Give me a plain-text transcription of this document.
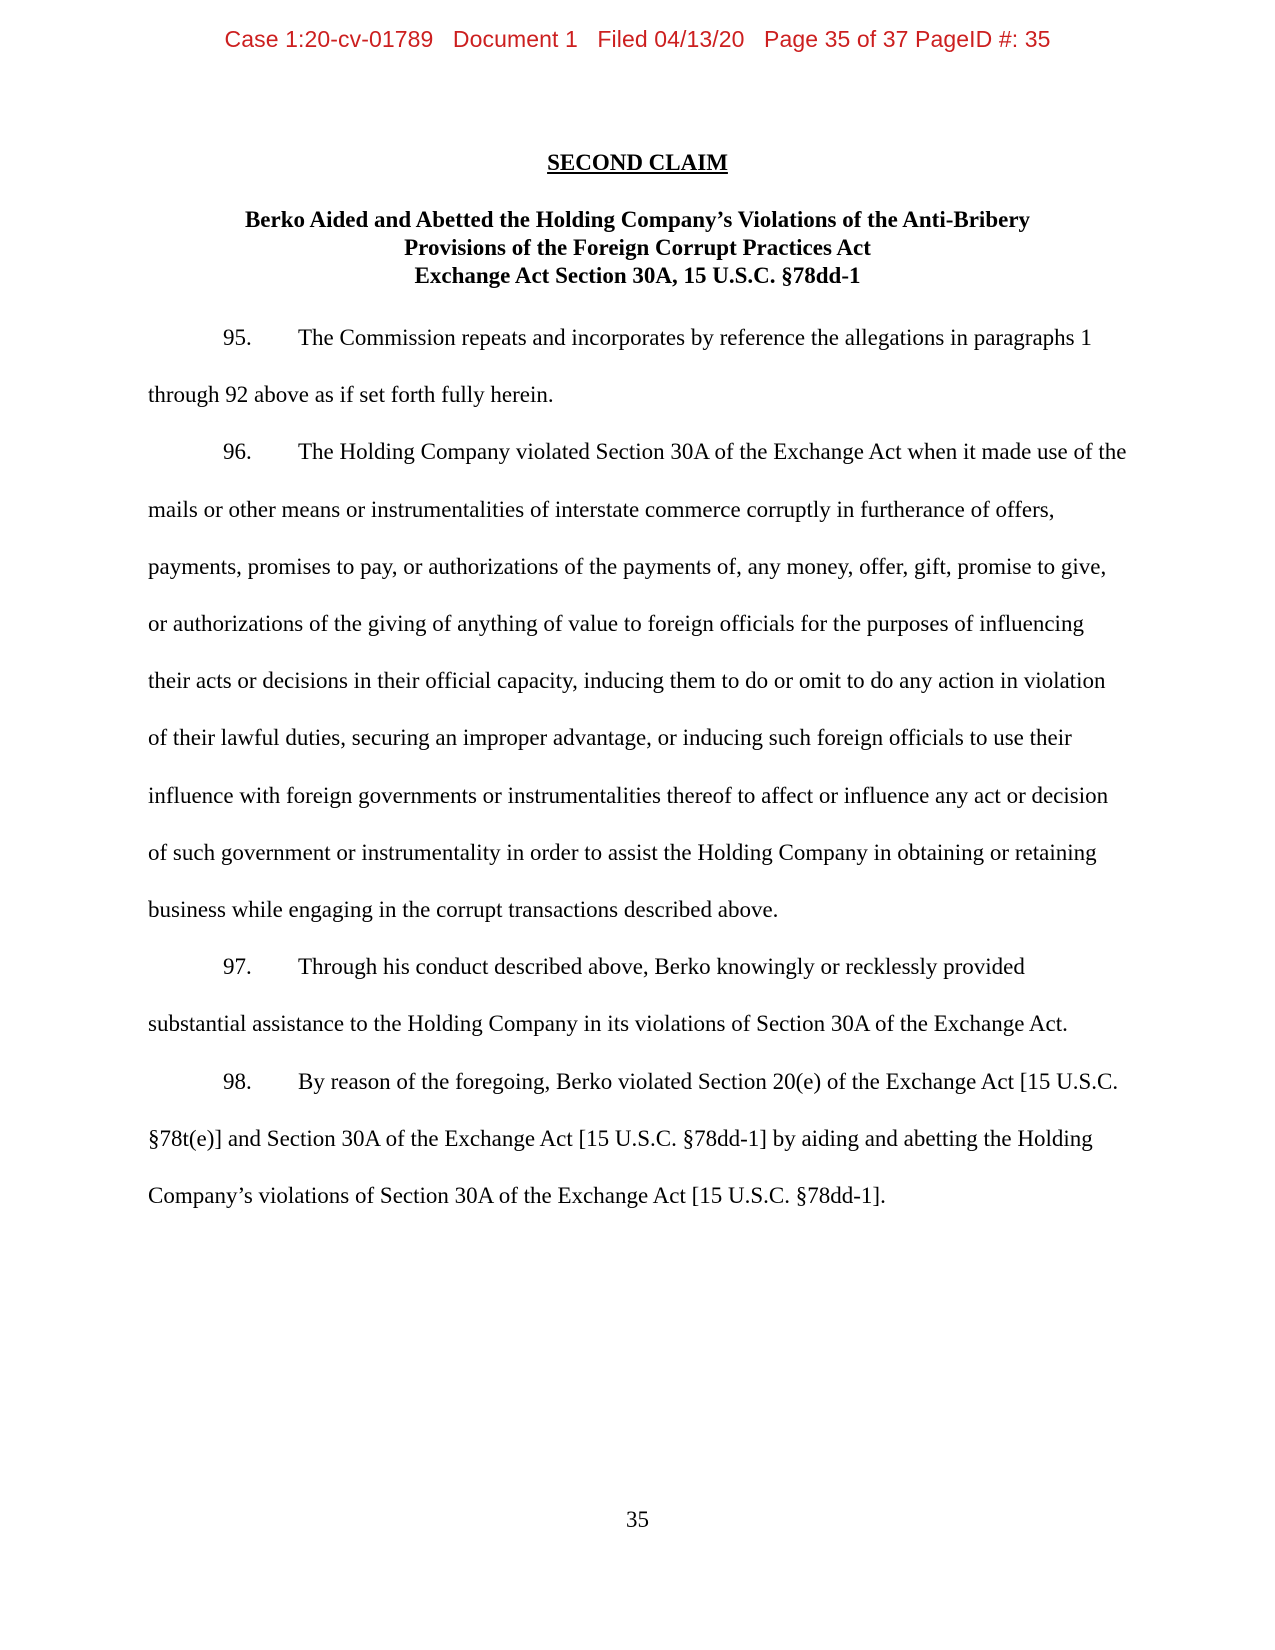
Case 1:20-cv-01789   Document 1   Filed 04/13/20   Page 35 of 37 PageID #: 35
SECOND CLAIM
Berko Aided and Abetted the Holding Company’s Violations of the Anti-Bribery
Provisions of the Foreign Corrupt Practices Act
Exchange Act Section 30A, 15 U.S.C. §78dd-1

95. The Commission repeats and incorporates by reference the allegations in paragraphs 1 through 92 above as if set forth fully herein.

96. The Holding Company violated Section 30A of the Exchange Act when it made use of the mails or other means or instrumentalities of interstate commerce corruptly in furtherance of offers, payments, promises to pay, or authorizations of the payments of, any money, offer, gift, promise to give, or authorizations of the giving of anything of value to foreign officials for the purposes of influencing their acts or decisions in their official capacity, inducing them to do or omit to do any action in violation of their lawful duties, securing an improper advantage, or inducing such foreign officials to use their influence with foreign governments or instrumentalities thereof to affect or influence any act or decision of such government or instrumentality in order to assist the Holding Company in obtaining or retaining business while engaging in the corrupt transactions described above.

97. Through his conduct described above, Berko knowingly or recklessly provided substantial assistance to the Holding Company in its violations of Section 30A of the Exchange Act.

98. By reason of the foregoing, Berko violated Section 20(e) of the Exchange Act [15 U.S.C. §78t(e)] and Section 30A of the Exchange Act [15 U.S.C. §78dd-1] by aiding and abetting the Holding Company’s violations of Section 30A of the Exchange Act [15 U.S.C. §78dd-1].

35
